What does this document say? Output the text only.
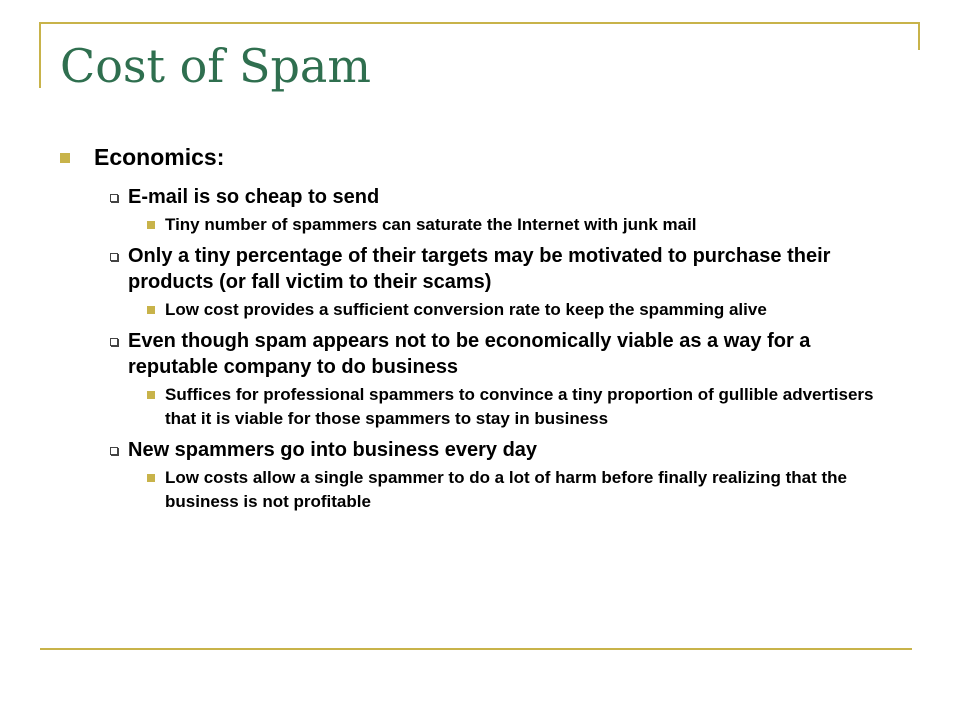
Cost of Spam
Economics:
E-mail is so cheap to send
Tiny number of spammers can saturate the Internet with junk mail
Only a tiny percentage of their targets may be motivated to purchase their products (or fall victim to their scams)
Low cost provides a sufficient conversion rate to keep the spamming alive
Even though spam appears not to be economically viable as a way for a reputable company to do business
Suffices for professional spammers to convince a tiny proportion of gullible advertisers that it is viable for those spammers to stay in business
New spammers go into business every day
Low costs allow a single spammer to do a lot of harm before finally realizing that the business is not profitable
